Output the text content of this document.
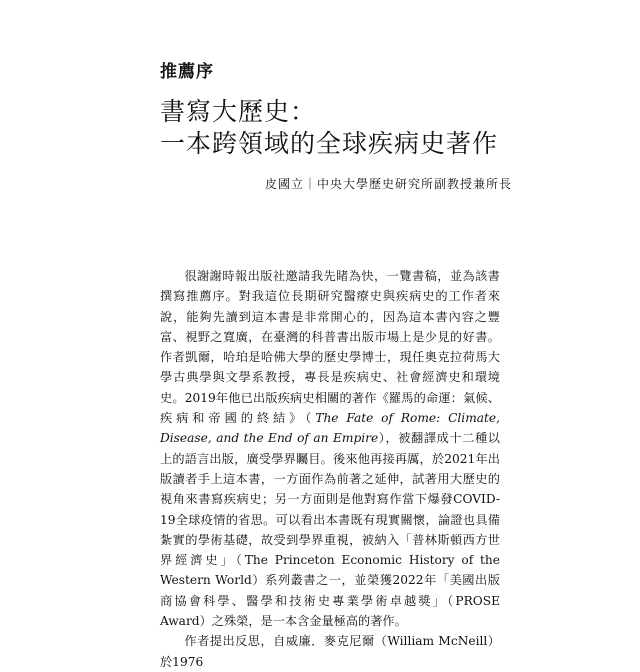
推薦序
書寫大歷史：
一本跨領域的全球疾病史著作
皮國立｜中央大學歷史研究所副教授兼所長

很謝謝時報出版社邀請我先睹為快，一覽書稿，並為該書撰寫推薦序。對我這位長期研究醫療史與疾病史的工作者來說，能夠先讀到這本書是非常開心的，因為這本書內容之豐富、視野之寬廣，在臺灣的科普書出版市場上是少見的好書。作者凱爾，哈珀是哈佛大學的歷史學博士，現任奧克拉荷馬大學古典學與文學系教授，專長是疾病史、社會經濟史和環境史。2019年他已出版疾病史相關的著作《羅馬的命運：氣候、疾病和帝國的終結》（The Fate of Rome: Climate, Disease, and the End of an Empire），被翻譯成十二種以上的語言出版，廣受學界矚目。後來他再接再厲，於2021年出版讀者手上這本書，一方面作為前著之延伸，試著用大歷史的視角來書寫疾病史；另一方面則是他對寫作當下爆發COVID-19全球疫情的省思。可以看出本書既有現實關懷，論證也具備紮實的學術基礎，故受到學界重視，被納入「普林斯頓西方世界經濟史」（The Princeton Economic History of the Western World）系列叢書之一，並榮獲2022年「美國出版商協會科學、醫學和技術史專業學術卓越獎」（PROSE Award）之殊榮，是一本含金量極高的著作。

作者提出反思，自威廉．麥克尼爾（William McNeill）於1976
